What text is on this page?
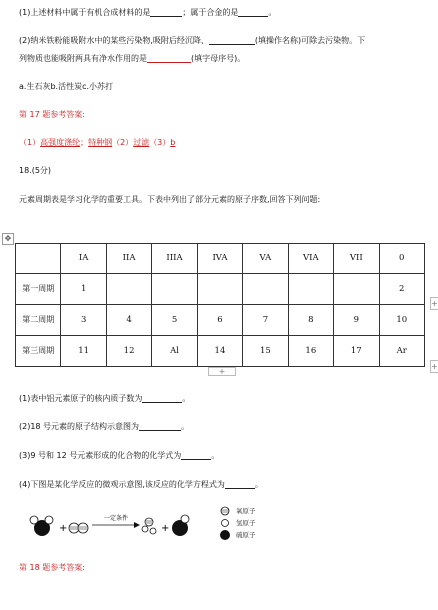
(1)上述材料中属于有机合成材料的是	；属于合金的是	。
(2)纳米铁粉能吸附水中的某些污染物,吸附后经沉降、	(填操作名称)可除去污染物。下
列物质也能吸附两具有净水作用的是	(填字母序号)。
a.生石灰b.活性炭c.小苏打
第 17 题参考答案:
（1）高强度涤纶；特种钢（2）过滤（3）b
18.(5分)
元素周期表是学习化学的重要工具。下表中列出了部分元素的原子序数,回答下列问题:
✥
	IA	IIA	IIIA	IVA	VA	VIA	VII	0
第一周期	1							2
第二周期	3	4	5	6	7	8	9	10
第三周期	11	12	Al	14	15	16	17	Ar
+
+
+
(1)表中铝元素原子的核内质子数为	。
(2)18 号元素的原子结构示意图为	。
(3)9 号和 12 号元素形成的化合物的化学式为	。
(4)下图是某化学反应的微观示意图,该反应的化学方程式为	。
+
一定条件
+
氧原子
氢原子
硫原子
第 18 题参考答案:
